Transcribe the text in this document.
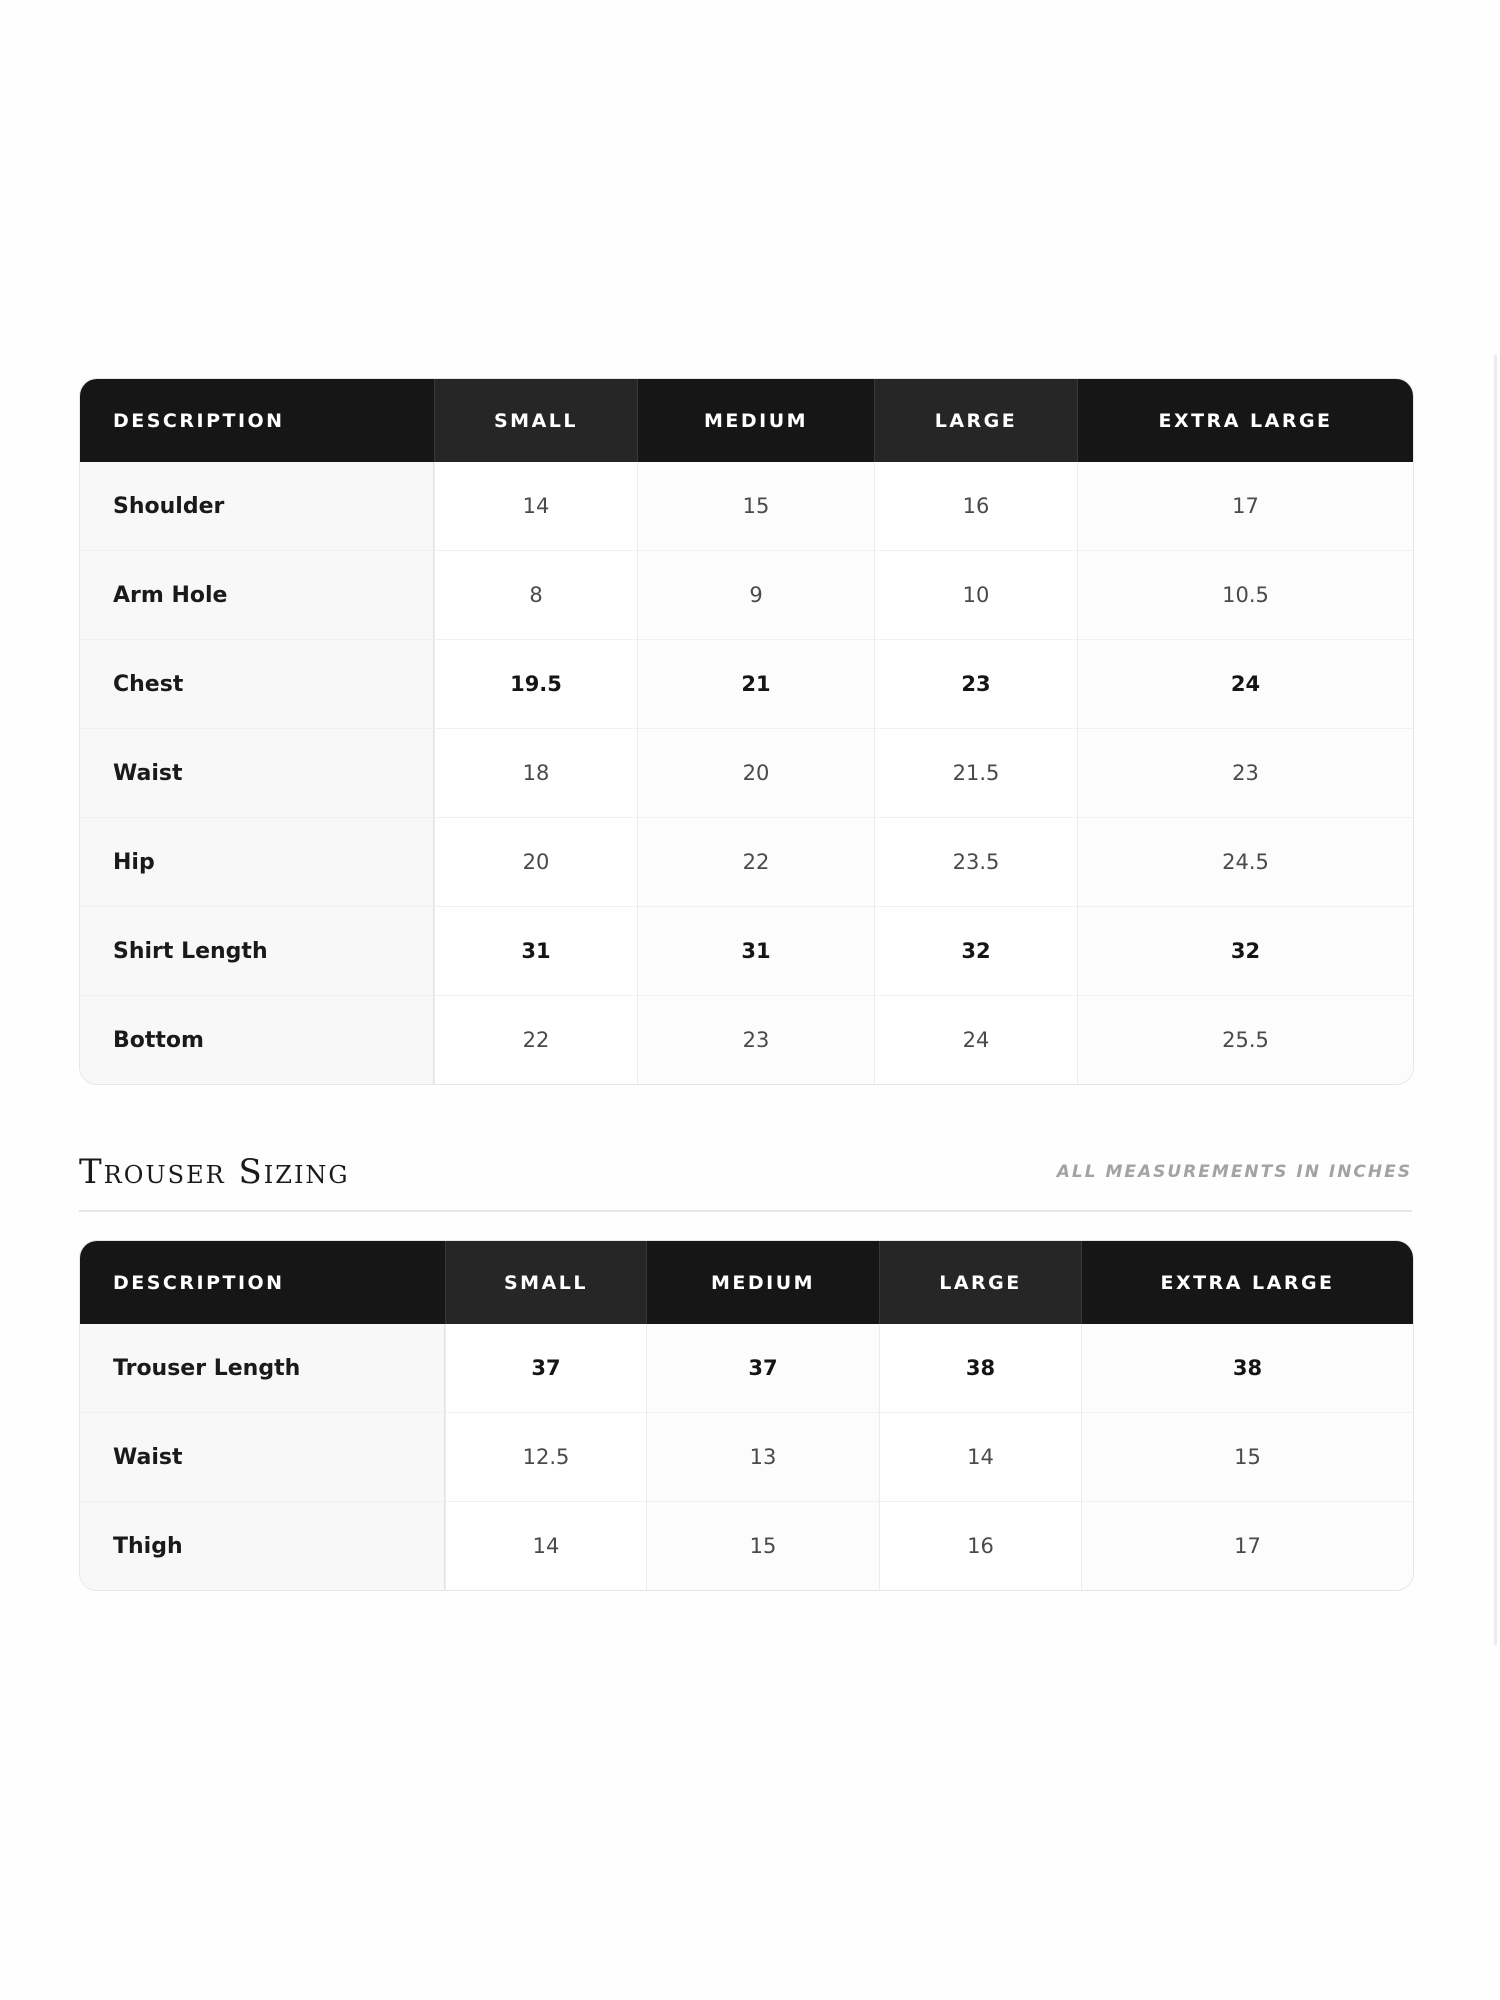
DESCRIPTION	SMALL	MEDIUM	LARGE	EXTRA LARGE
Shoulder	14	15	16	17
Arm Hole	8	9	10	10.5
Chest	19.5	21	23	24
Waist	18	20	21.5	23
Hip	20	22	23.5	24.5
Shirt Length	31	31	32	32
Bottom	22	23	24	25.5
Trouser Sizing	ALL MEASUREMENTS IN INCHES
DESCRIPTION	SMALL	MEDIUM	LARGE	EXTRA LARGE
Trouser Length	37	37	38	38
Waist	12.5	13	14	15
Thigh	14	15	16	17
